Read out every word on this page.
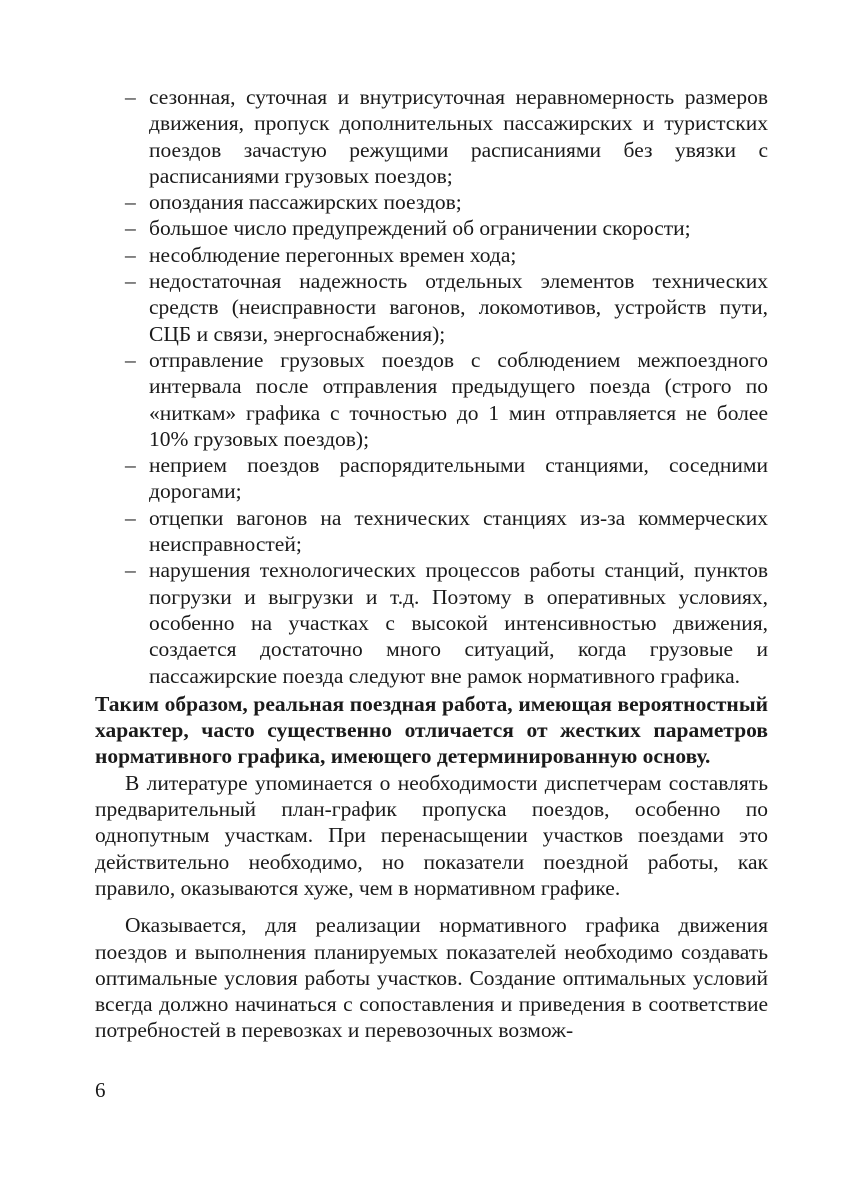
– сезонная, суточная и внутрисуточная неравномерность размеров движения, пропуск дополнительных пассажирских и туристских поездов зачастую режущими расписаниями без увязки с расписаниями грузовых поездов;
– опоздания пассажирских поездов;
– большое число предупреждений об ограничении скорости;
– несоблюдение перегонных времен хода;
– недостаточная надежность отдельных элементов технических средств (неисправности вагонов, локомотивов, устройств пути, СЦБ и связи, энергоснабжения);
– отправление грузовых поездов с соблюдением межпоездного интервала после отправления предыдущего поезда (строго по «ниткам» графика с точностью до 1 мин отправляется не более 10% грузовых поездов);
– неприем поездов распорядительными станциями, соседними дорогами;
– отцепки вагонов на технических станциях из-за коммерческих неисправностей;
– нарушения технологических процессов работы станций, пунктов погрузки и выгрузки и т.д. Поэтому в оперативных условиях, особенно на участках с высокой интенсивностью движения, создается достаточно много ситуаций, когда грузовые и пассажирские поезда следуют вне рамок нормативного графика.

Таким образом, реальная поездная работа, имеющая вероятностный характер, часто существенно отличается от жестких параметров нормативного графика, имеющего детерминированную основу.

В литературе упоминается о необходимости диспетчерам составлять предварительный план-график пропуска поездов, особенно по однопутным участкам. При перенасыщении участков поездами это действительно необходимо, но показатели поездной работы, как правило, оказываются хуже, чем в нормативном графике.

Оказывается, для реализации нормативного графика движения поездов и выполнения планируемых показателей необходимо создавать оптимальные условия работы участков. Создание оптимальных условий всегда должно начинаться с сопоставления и приведения в соответствие потребностей в перевозках и перевозочных возмож-

6
